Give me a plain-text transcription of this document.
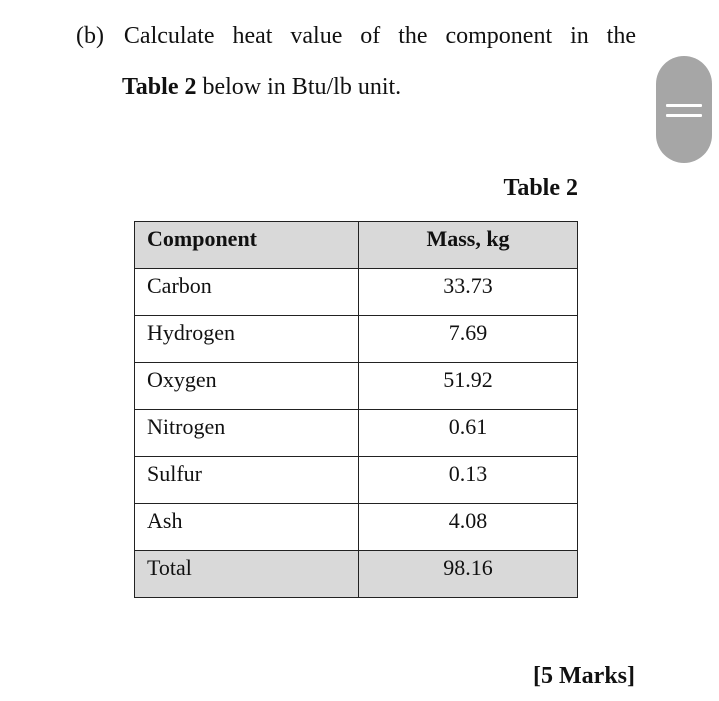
(b) Calculate heat value of the component in the
Table 2 below in Btu/lb unit.
Table 2
Component	Mass, kg
Carbon	33.73
Hydrogen	7.69
Oxygen	51.92
Nitrogen	0.61
Sulfur	0.13
Ash	4.08
Total	98.16
[5 Marks]
